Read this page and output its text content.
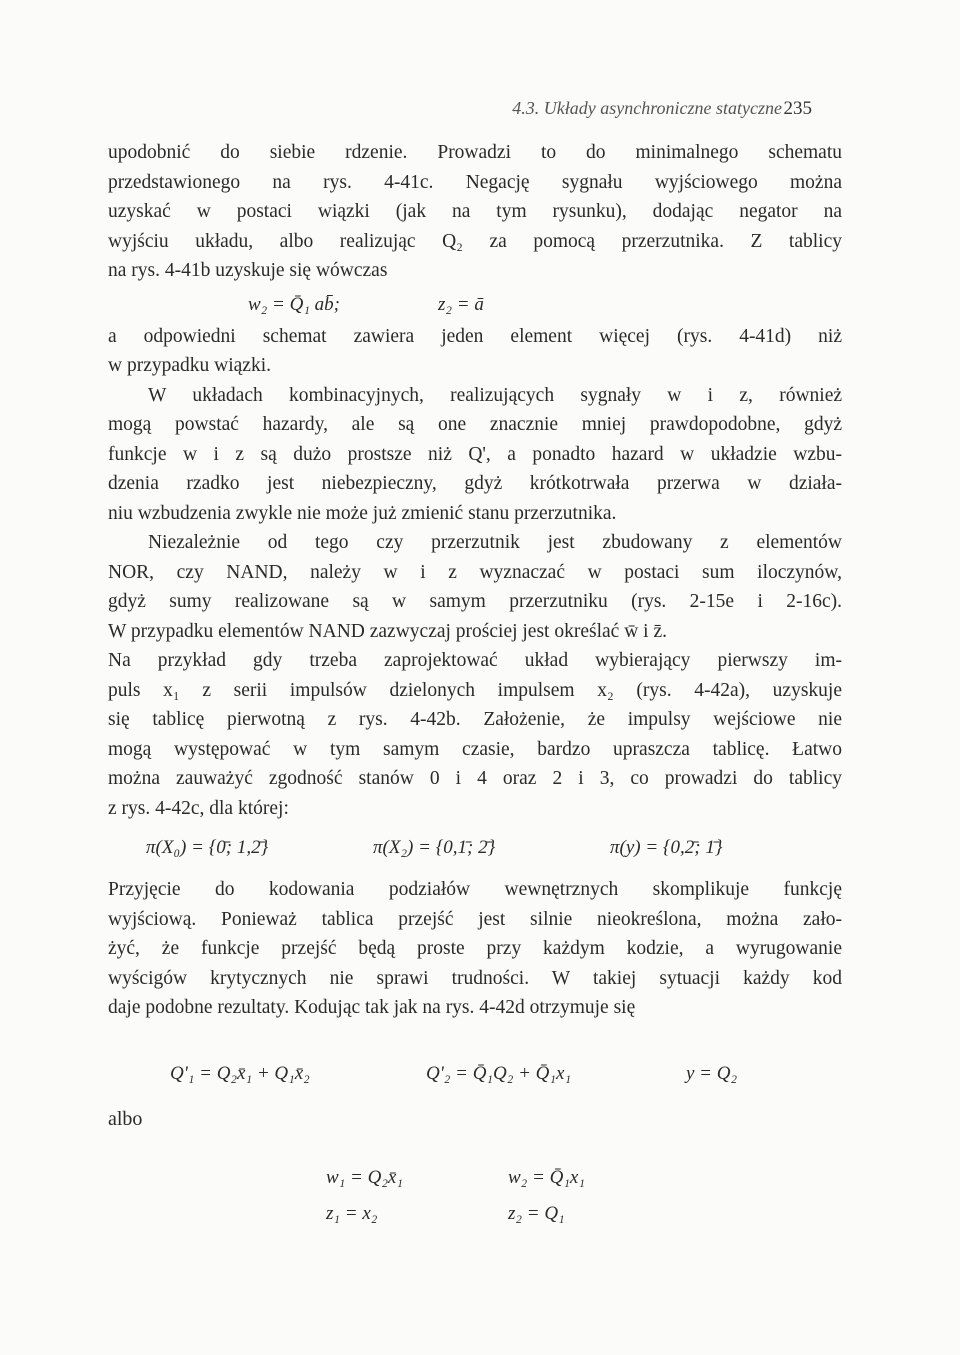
4.3. Układy asynchroniczne statyczne 235
upodobnić do siebie rdzenie. Prowadzi to do minimalnego schematu
przedstawionego na rys. 4-41c. Negację sygnału wyjściowego można
uzyskać w postaci wiązki (jak na tym rysunku), dodając negator na
wyjściu układu, albo realizując Q₂ za pomocą przerzutnika. Z tablicy
na rys. 4-41b uzyskuje się wówczas
w₂ = Q̄₁ ab̄;	z₂ = ā
a odpowiedni schemat zawiera jeden element więcej (rys. 4-41d) niż
w przypadku wiązki.
W układach kombinacyjnych, realizujących sygnały w i z, również
mogą powstać hazardy, ale są one znacznie mniej prawdopodobne, gdyż
funkcje w i z są dużo prostsze niż Q', a ponadto hazard w układzie wzbu-
dzenia rzadko jest niebezpieczny, gdyż krótkotrwała przerwa w działa-
niu wzbudzenia zwykle nie może już zmienić stanu przerzutnika.
Niezależnie od tego czy przerzutnik jest zbudowany z elementów
NOR, czy NAND, należy w i z wyznaczać w postaci sum iloczynów,
gdyż sumy realizowane są w samym przerzutniku (rys. 2-15e i 2-16c).
W przypadku elementów NAND zazwyczaj prościej jest określać w̄ i z̄.
Na przykład gdy trzeba zaprojektować układ wybierający pierwszy im-
puls x₁ z serii impulsów dzielonych impulsem x₂ (rys. 4-42a), uzyskuje
się tablicę pierwotną z rys. 4-42b. Założenie, że impulsy wejściowe nie
mogą występować w tym samym czasie, bardzo upraszcza tablicę. Łatwo
można zauważyć zgodność stanów 0 i 4 oraz 2 i 3, co prowadzi do tablicy
z rys. 4-42c, dla której:
π(X₀) = {0̄; 1,2̄}	π(X₂) = {0,1̄; 2̄}	π(y) = {0,2̄; 1̄}
Przyjęcie do kodowania podziałów wewnętrznych skomplikuje funkcję
wyjściową. Ponieważ tablica przejść jest silnie nieokreślona, można zało-
żyć, że funkcje przejść będą proste przy każdym kodzie, a wyrugowanie
wyścigów krytycznych nie sprawi trudności. W takiej sytuacji każdy kod
daje podobne rezultaty. Kodując tak jak na rys. 4-42d otrzymuje się
Q'₁ = Q₂x̄₁ + Q₁x̄₂	Q'₂ = Q̄₁Q₂ + Q̄₁x₁	y = Q₂
albo
w₁ = Q₂x̄₁	w₂ = Q̄₁x₁
z₁ = x₂	z₂ = Q₁
